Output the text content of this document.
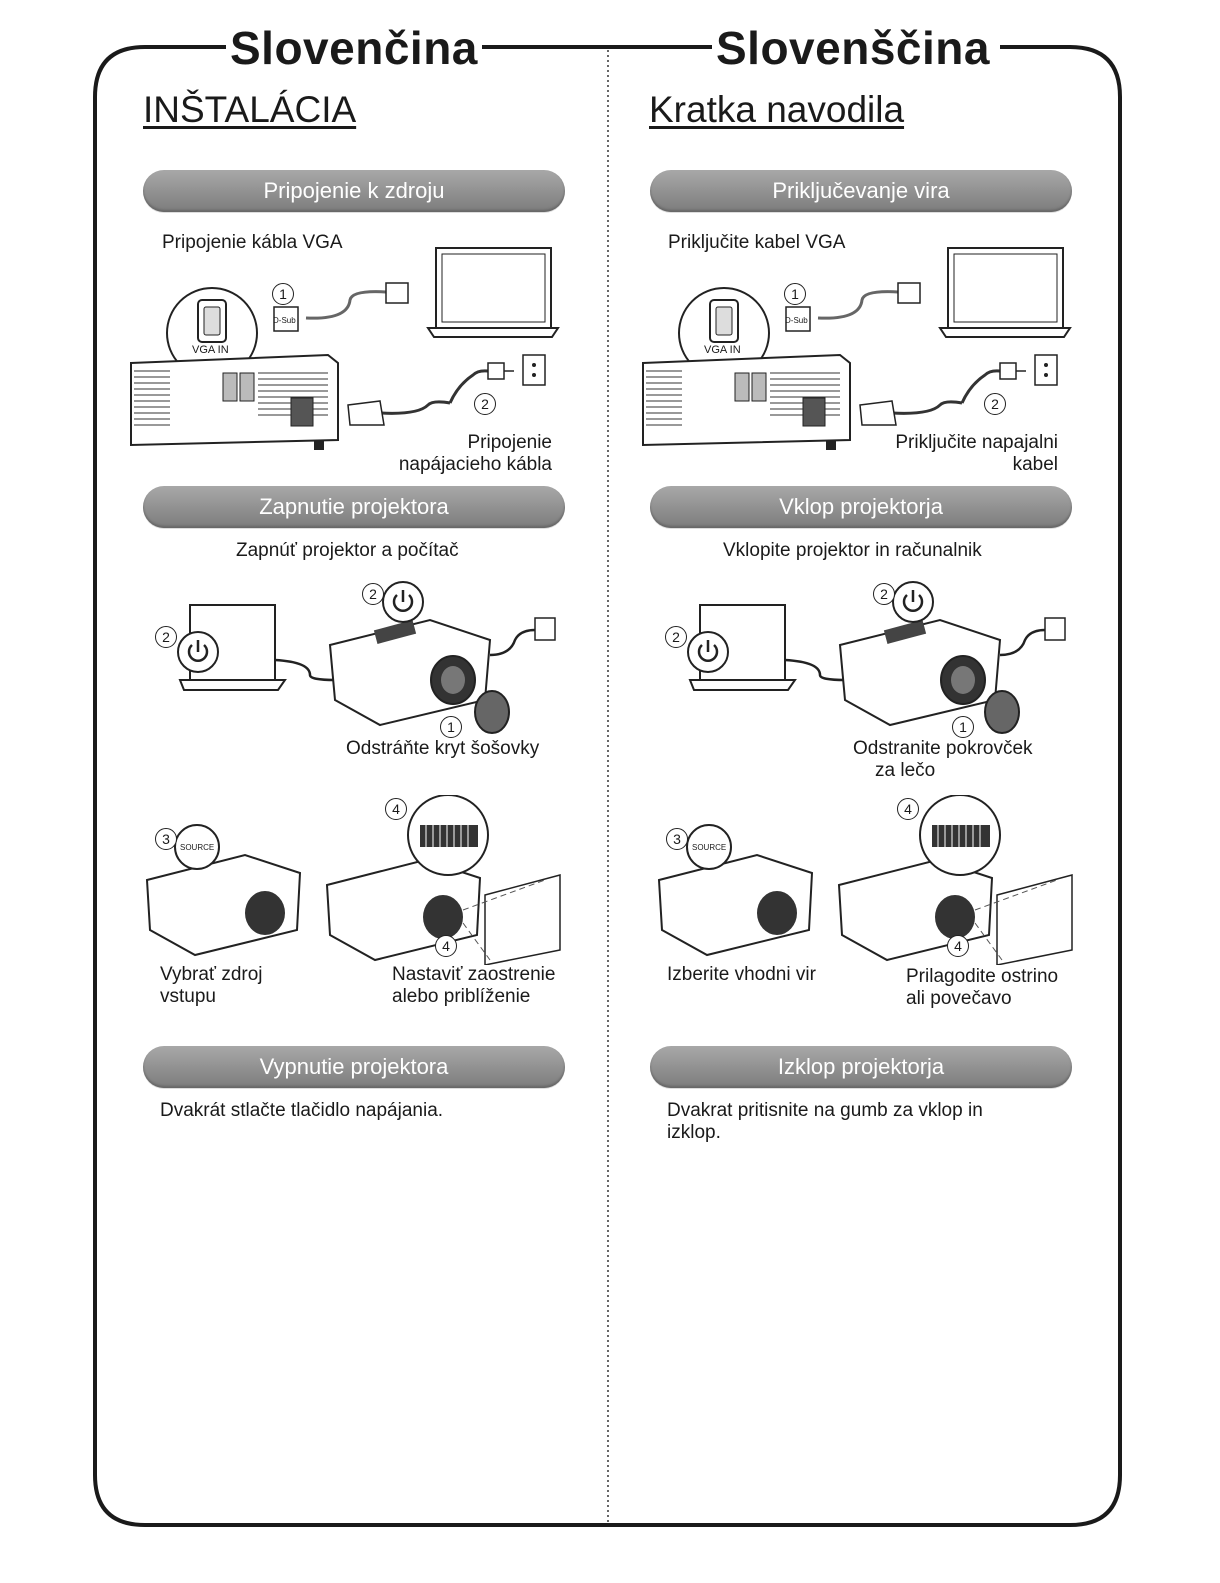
Slovenčina	Slovenščina
INŠTALÁCIA
Pripojenie k zdroju
Pripojenie kábla VGA
1
D-Sub
VGA IN
2
Pripojenie
napájacieho kábla
Zapnutie projektora
Zapnúť projektor a počítač
2
2
1
Odstráňte kryt šošovky
3
SOURCE
4
4
Vybrať zdroj
vstupu
Nastaviť zaostrenie
alebo priblíženie
Vypnutie projektora
Dvakrát stlačte tlačidlo napájania.
Kratka navodila
Priključevanje vira
Priključite kabel VGA
1
D-Sub
VGA IN
2
Priključite napajalni
kabel
Vklop projektorja
Vklopite projektor in računalnik
2
2
1
Odstranite pokrovček
za lečo
3
SOURCE
4
4
Izberite vhodni vir	Prilagodite ostrino
ali povečavo
Izklop projektorja
Dvakrat pritisnite na gumb za vklop in izklop.
